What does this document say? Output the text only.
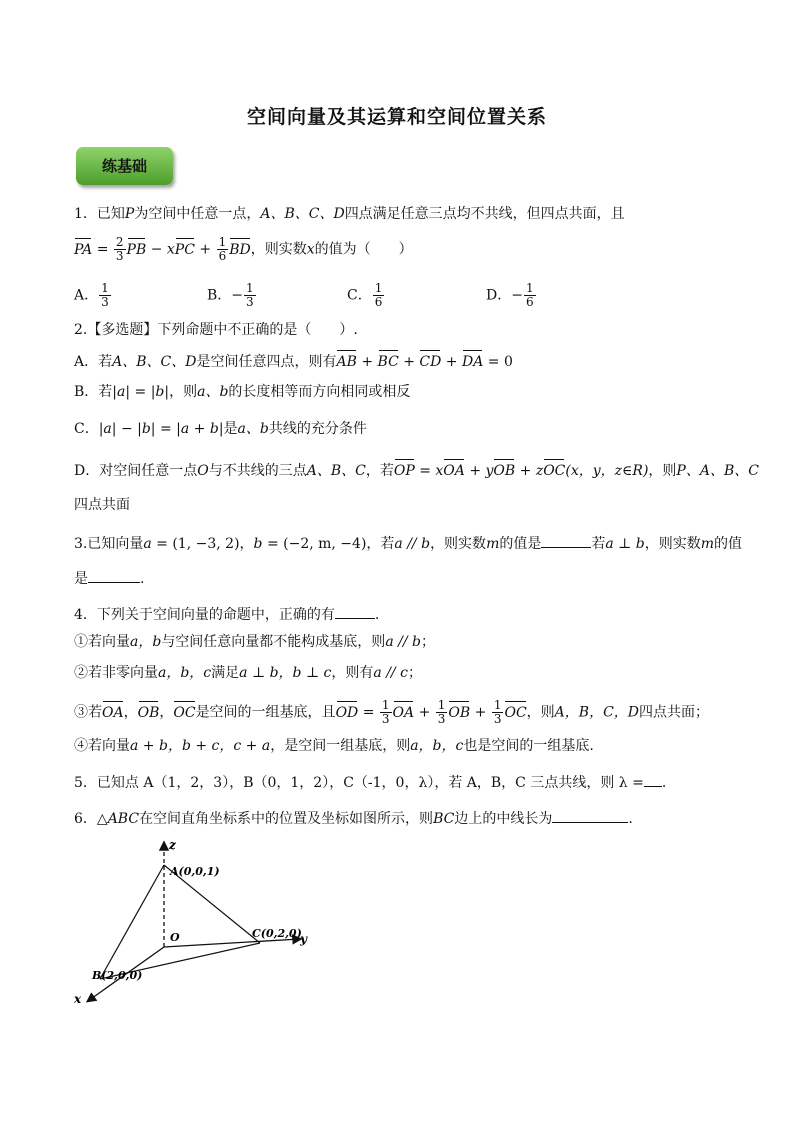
空间向量及其运算和空间位置关系
练基础
1．已知P为空间中任意一点，A、B、C、D四点满足任意三点均不共线，但四点共面，且
PA = $\frac{2}{3}$ PB − xPC + $\frac{1}{6}$ BD，则实数x的值为（　　）
A． $\frac{1}{3}$	B．− $\frac{1}{3}$	C． $\frac{1}{6}$	D．− $\frac{1}{6}$
2.【多选题】下列命题中不正确的是（　　）.
A．若A、B、C、D是空间任意四点，则有AB + BC + CD + DA = 0
B．若|a| = |b|，则a、b的长度相等而方向相同或相反
C．|a| − |b| = |a + b|是a、b共线的充分条件
D．对空间任意一点O与不共线的三点A、B、C，若OP = xOA + yOB + zOC(x，y，z∈R)，则P、A、B、C
四点共面
3.已知向量a = (1, −3, 2)，b = (−2, m, −4)，若a // b，则实数m的值是	若a ⊥ b，则实数m的值
是	.
4．下列关于空间向量的命题中，正确的有	.
①若向量a，b与空间任意向量都不能构成基底，则a // b；
②若非零向量a，b，c满足a ⊥ b，b ⊥ c，则有a // c；
③若OA，OB，OC是空间的一组基底，且OD = $\frac{1}{3}$ OA + $\frac{1}{3}$ OB + $\frac{1}{3}$ OC，则A，B，C，D四点共面；
④若向量a + b，b + c，c + a，是空间一组基底，则a，b，c也是空间的一组基底.
5．已知点 A（1，2，3），B（0，1，2），C（-1，0，λ），若 A，B，C 三点共线，则 λ = .
6．△ABC在空间直角坐标系中的位置及坐标如图所示，则BC边上的中线长为	.
z
A(0,0,1)
O	C(0,2,0)
y
B(2,0,0)
x
